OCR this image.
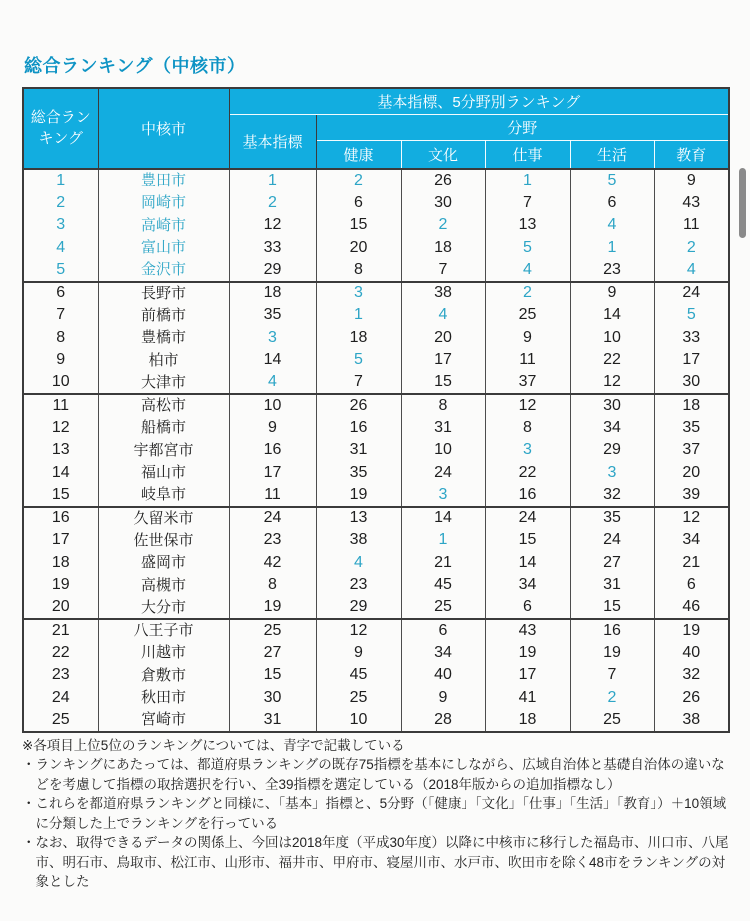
総合ランキング（中核市）
総合ランキング	中核市	基本指標、5分野別ランキング					
		基本指標	分野				
			健康	文化	仕事	生活	教育
1	豊田市	1	2	26	1	5	9
2	岡崎市	2	6	30	7	6	43
3	高崎市	12	15	2	13	4	11
4	富山市	33	20	18	5	1	2
5	金沢市	29	8	7	4	23	4
6	長野市	18	3	38	2	9	24
7	前橋市	35	1	4	25	14	5
8	豊橋市	3	18	20	9	10	33
9	柏市	14	5	17	11	22	17
10	大津市	4	7	15	37	12	30
11	高松市	10	26	8	12	30	18
12	船橋市	9	16	31	8	34	35
13	宇都宮市	16	31	10	3	29	37
14	福山市	17	35	24	22	3	20
15	岐阜市	11	19	3	16	32	39
16	久留米市	24	13	14	24	35	12
17	佐世保市	23	38	1	15	24	34
18	盛岡市	42	4	21	14	27	21
19	高槻市	8	23	45	34	31	6
20	大分市	19	29	25	6	15	46
21	八王子市	25	12	6	43	16	19
22	川越市	27	9	34	19	19	40
23	倉敷市	15	45	40	17	7	32
24	秋田市	30	25	9	41	2	26
25	宮崎市	31	10	28	18	25	38
※各項目上位5位のランキングについては、青字で記載している
・ランキングにあたっては、都道府県ランキングの既存75指標を基本にしながら、広域自治体と基礎自治体の違いなどを考慮して指標の取捨選択を行い、全39指標を選定している（2018年版からの追加指標なし）
・これらを都道府県ランキングと同様に、「基本」指標と、5分野（「健康」「文化」「仕事」「生活」「教育」）＋10領域に分類した上でランキングを行っている
・なお、取得できるデータの関係上、今回は2018年度（平成30年度）以降に中核市に移行した福島市、川口市、八尾市、明石市、鳥取市、松江市、山形市、福井市、甲府市、寝屋川市、水戸市、吹田市を除く48市をランキングの対象とした
